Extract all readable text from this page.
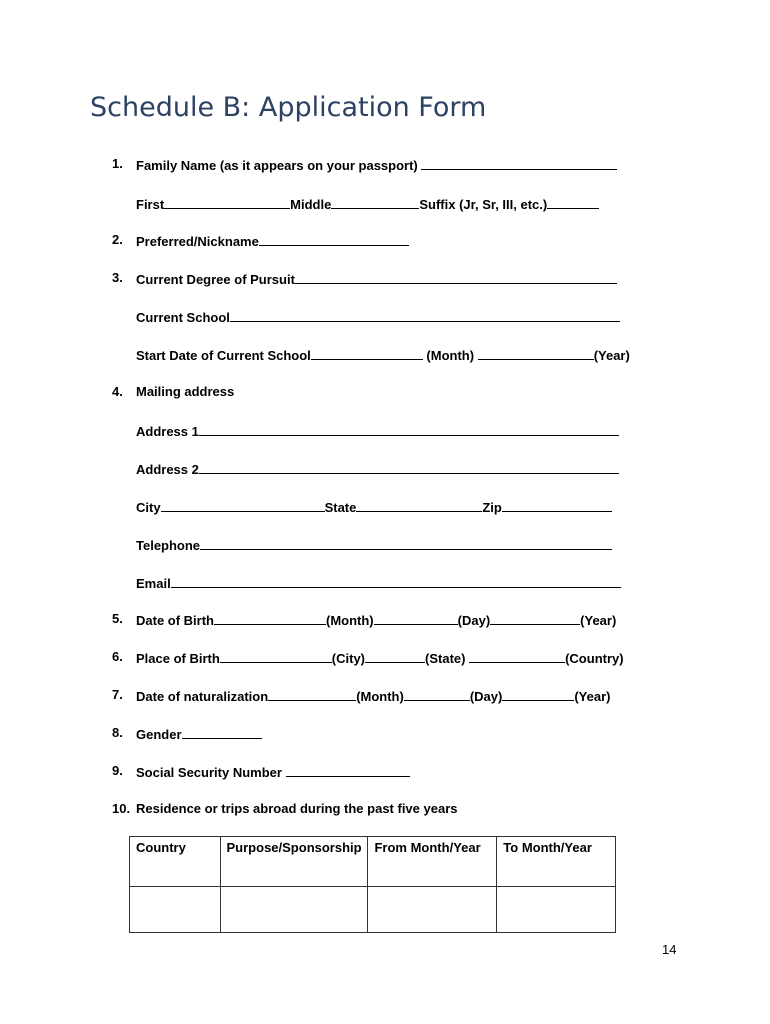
Schedule B: Application Form
1. Family Name (as it appears on your passport)
First	Middle	Suffix (Jr, Sr, III, etc.)
2. Preferred/Nickname
3. Current Degree of Pursuit
Current School
Start Date of Current School	(Month)	(Year)
4. Mailing address
Address 1
Address 2
City	State	Zip
Telephone
Email
5. Date of Birth	(Month)	(Day)	(Year)
6. Place of Birth	(City)	(State)	(Country)
7. Date of naturalization	(Month)	(Day)	(Year)
8. Gender
9. Social Security Number
10. Residence or trips abroad during the past five years
Country	Purpose/Sponsorship	From Month/Year	To Month/Year

14
